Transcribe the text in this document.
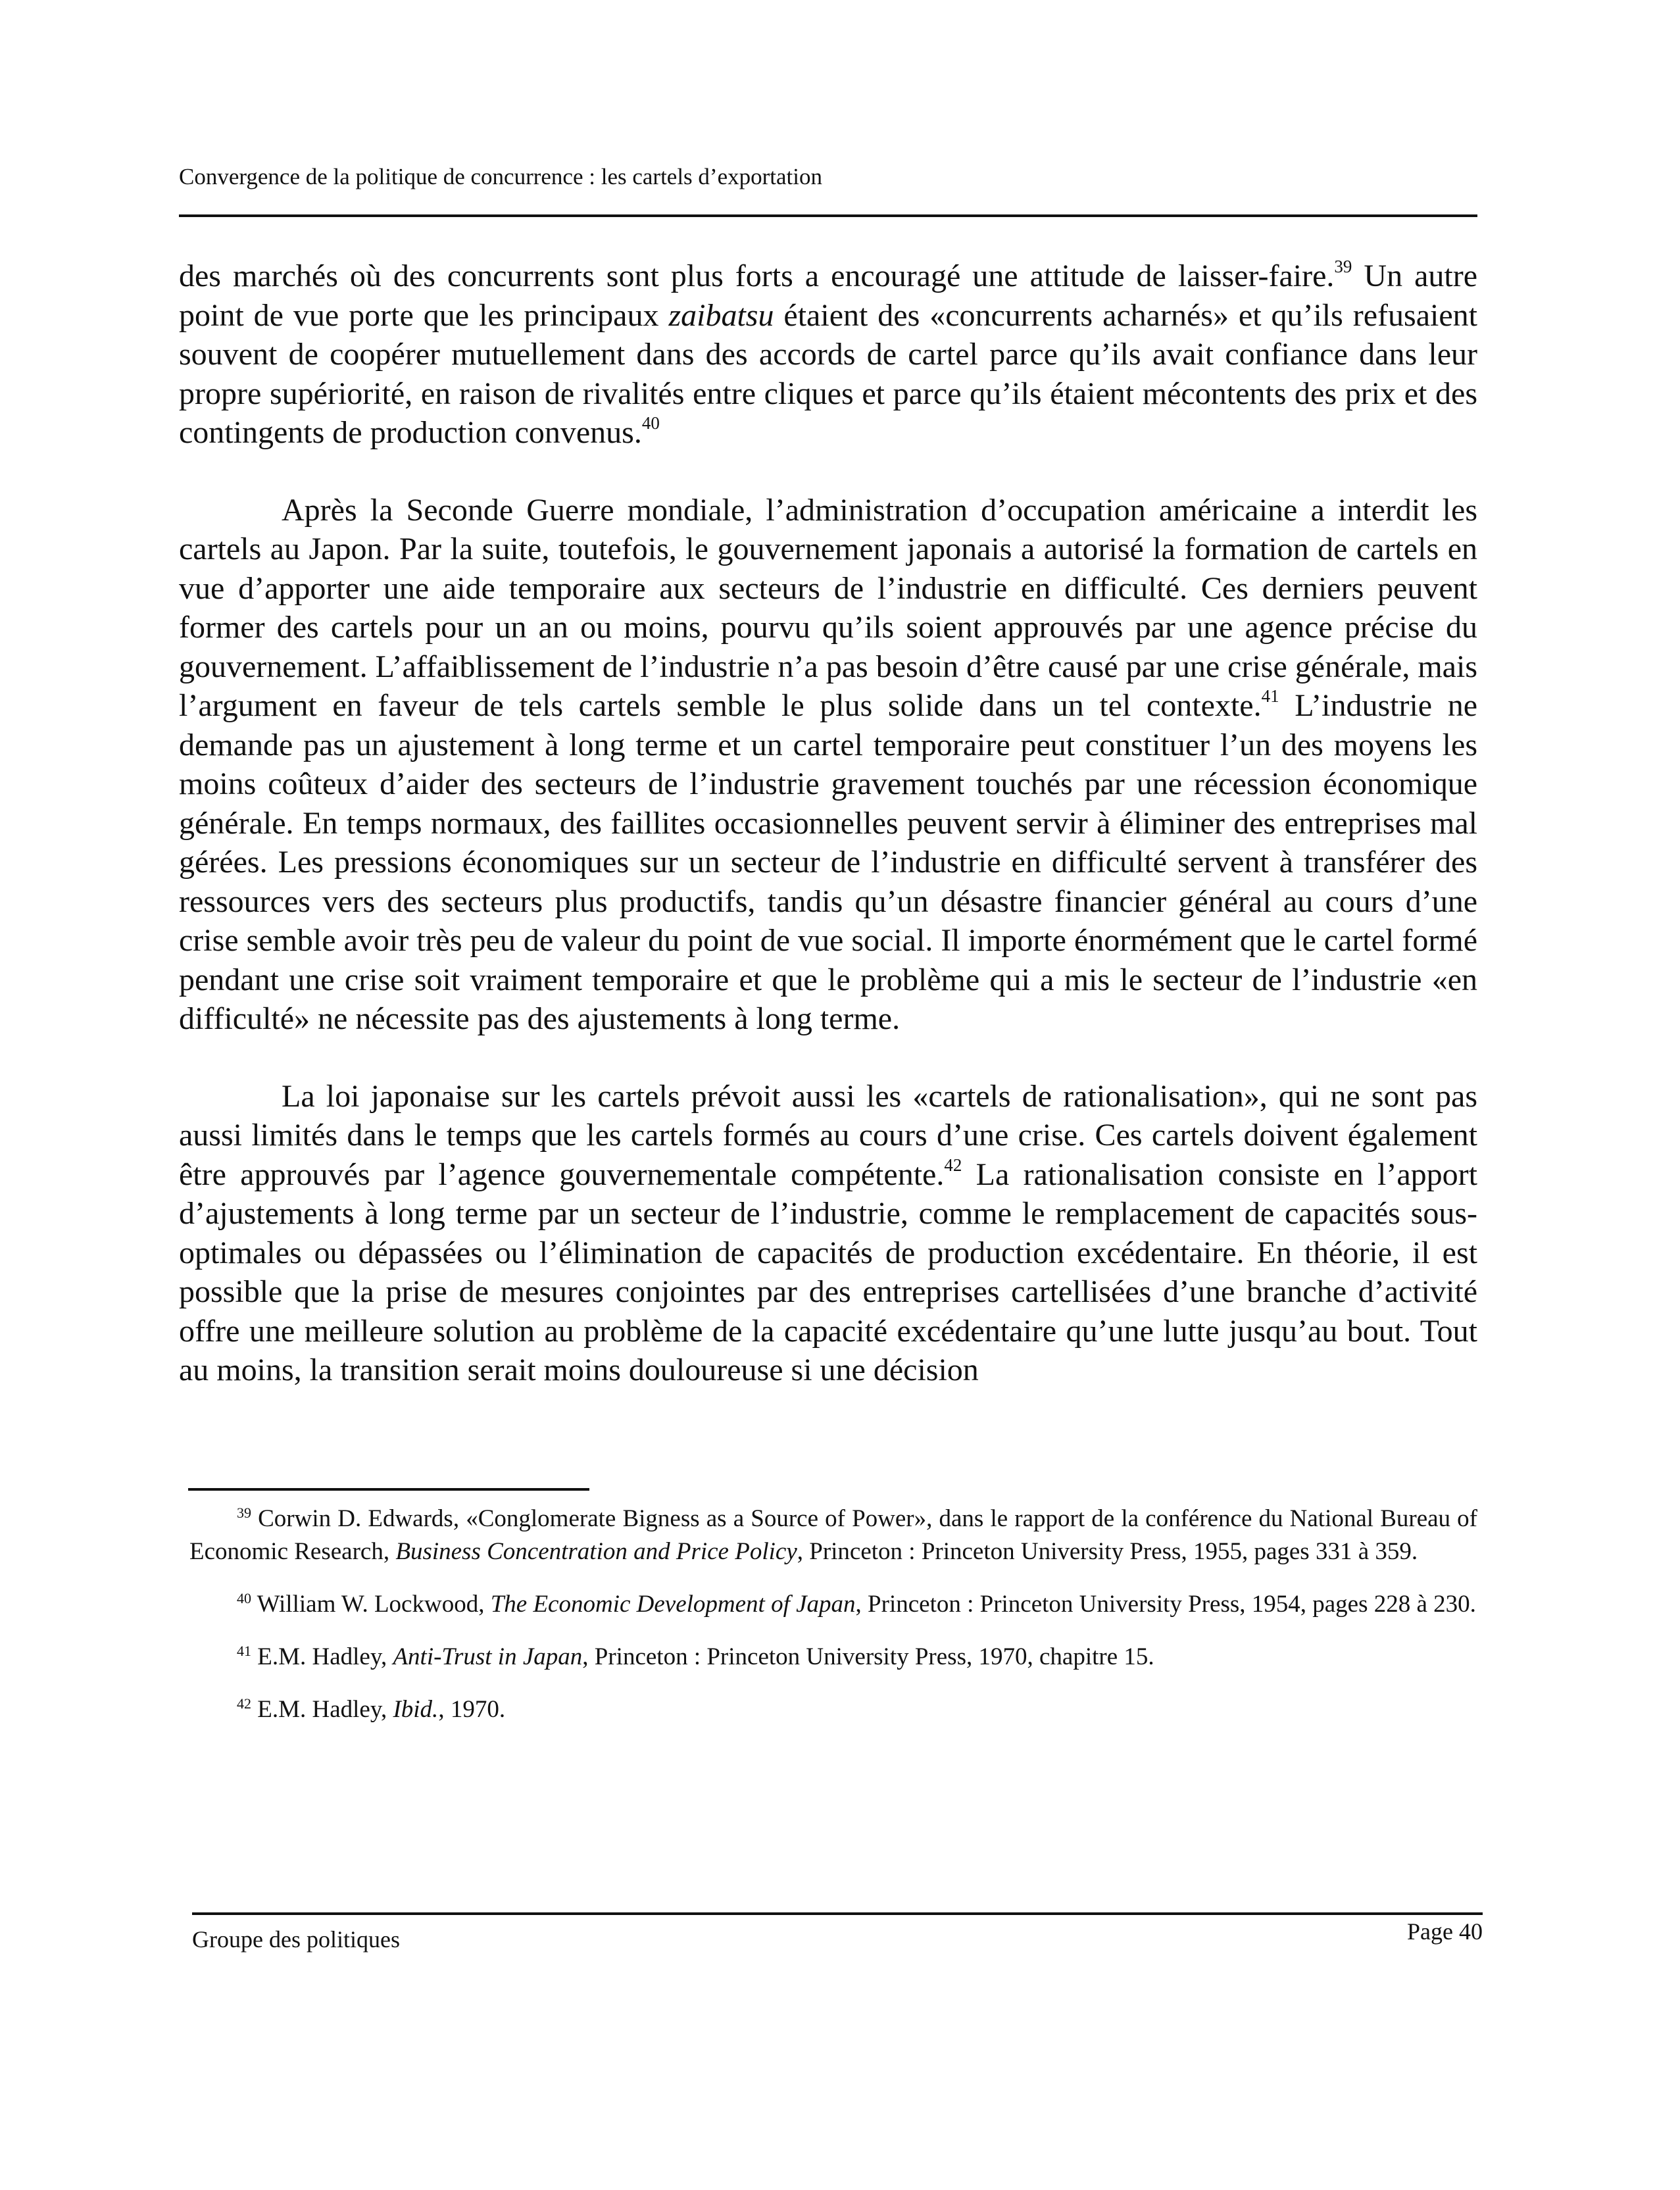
Convergence de la politique de concurrence : les cartels d’exportation

des marchés où des concurrents sont plus forts a encouragé une attitude de laisser-faire.$^{39}$ Un autre point de vue porte que les principaux zaibatsu étaient des «concurrents acharnés» et qu’ils refusaient souvent de coopérer mutuellement dans des accords de cartel parce qu’ils avait confiance dans leur propre supériorité, en raison de rivalités entre cliques et parce qu’ils étaient mécontents des prix et des contingents de production convenus.$^{40}$

Après la Seconde Guerre mondiale, l’administration d’occupation américaine a interdit les cartels au Japon. Par la suite, toutefois, le gouvernement japonais a autorisé la formation de cartels en vue d’apporter une aide temporaire aux secteurs de l’industrie en difficulté. Ces derniers peuvent former des cartels pour un an ou moins, pourvu qu’ils soient approuvés par une agence précise du gouvernement. L’affaiblissement de l’industrie n’a pas besoin d’être causé par une crise générale, mais l’argument en faveur de tels cartels semble le plus solide dans un tel contexte.$^{41}$ L’industrie ne demande pas un ajustement à long terme et un cartel temporaire peut constituer l’un des moyens les moins coûteux d’aider des secteurs de l’industrie gravement touchés par une récession économique générale. En temps normaux, des faillites occasionnelles peuvent servir à éliminer des entreprises mal gérées. Les pressions économiques sur un secteur de l’industrie en difficulté servent à transférer des ressources vers des secteurs plus productifs, tandis qu’un désastre financier général au cours d’une crise semble avoir très peu de valeur du point de vue social. Il importe énormément que le cartel formé pendant une crise soit vraiment temporaire et que le problème qui a mis le secteur de l’industrie «en difficulté» ne nécessite pas des ajustements à long terme.

La loi japonaise sur les cartels prévoit aussi les «cartels de rationalisation», qui ne sont pas aussi limités dans le temps que les cartels formés au cours d’une crise. Ces cartels doivent également être approuvés par l’agence gouvernementale compétente.$^{42}$ La rationalisation consiste en l’apport d’ajustements à long terme par un secteur de l’industrie, comme le remplacement de capacités sous-optimales ou dépassées ou l’élimination de capacités de production excédentaire. En théorie, il est possible que la prise de mesures conjointes par des entreprises cartellisées d’une branche d’activité offre une meilleure solution au problème de la capacité excédentaire qu’une lutte jusqu’au bout. Tout au moins, la transition serait moins douloureuse si une décision

$^{39}$ Corwin D. Edwards, «Conglomerate Bigness as a Source of Power», dans le rapport de la conférence du National Bureau of Economic Research, Business Concentration and Price Policy, Princeton : Princeton University Press, 1955, pages 331 à 359.

$^{40}$ William W. Lockwood, The Economic Development of Japan, Princeton : Princeton University Press, 1954, pages 228 à 230.

$^{41}$ E.M. Hadley, Anti-Trust in Japan, Princeton : Princeton University Press, 1970, chapitre 15.

$^{42}$ E.M. Hadley, Ibid., 1970.

Groupe des politiques	Page 40
